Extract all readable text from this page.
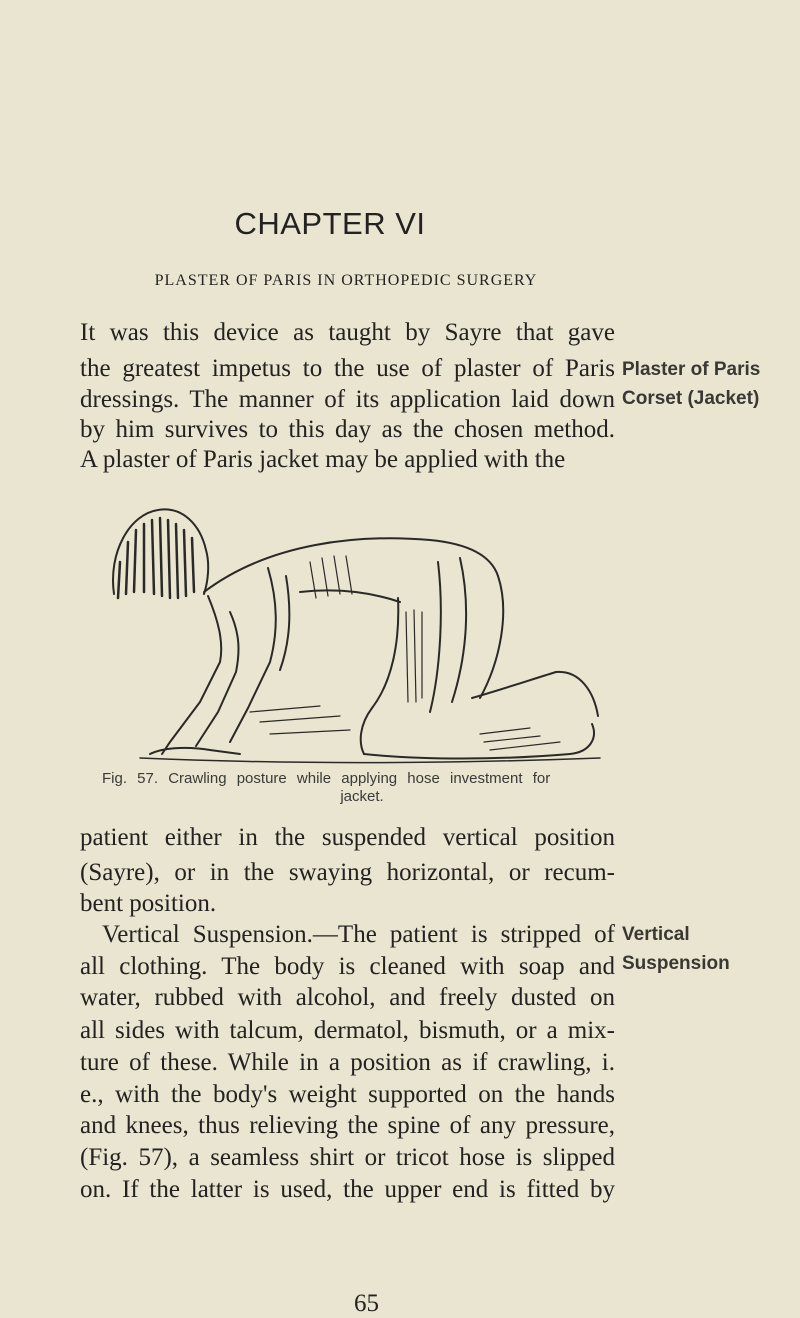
CHAPTER VI
PLASTER OF PARIS IN ORTHOPEDIC SURGERY
It was this device as taught by Sayre that gave
the greatest impetus to the use of plaster of Paris
dressings. The manner of its application laid down
by him survives to this day as the chosen method.
A plaster of Paris jacket may be applied with the
Plaster of Paris
Corset (Jacket)
Fig. 57. Crawling posture while applying hose investment for
jacket.
patient either in the suspended vertical position
(Sayre), or in the swaying horizontal, or recum-
bent position.
Vertical Suspension.—The patient is stripped of
all clothing. The body is cleaned with soap and
water, rubbed with alcohol, and freely dusted on
all sides with talcum, dermatol, bismuth, or a mix-
ture of these. While in a position as if crawling, i.
e., with the body's weight supported on the hands
and knees, thus relieving the spine of any pressure,
(Fig. 57), a seamless shirt or tricot hose is slipped
on. If the latter is used, the upper end is fitted by
Vertical
Suspension
65
